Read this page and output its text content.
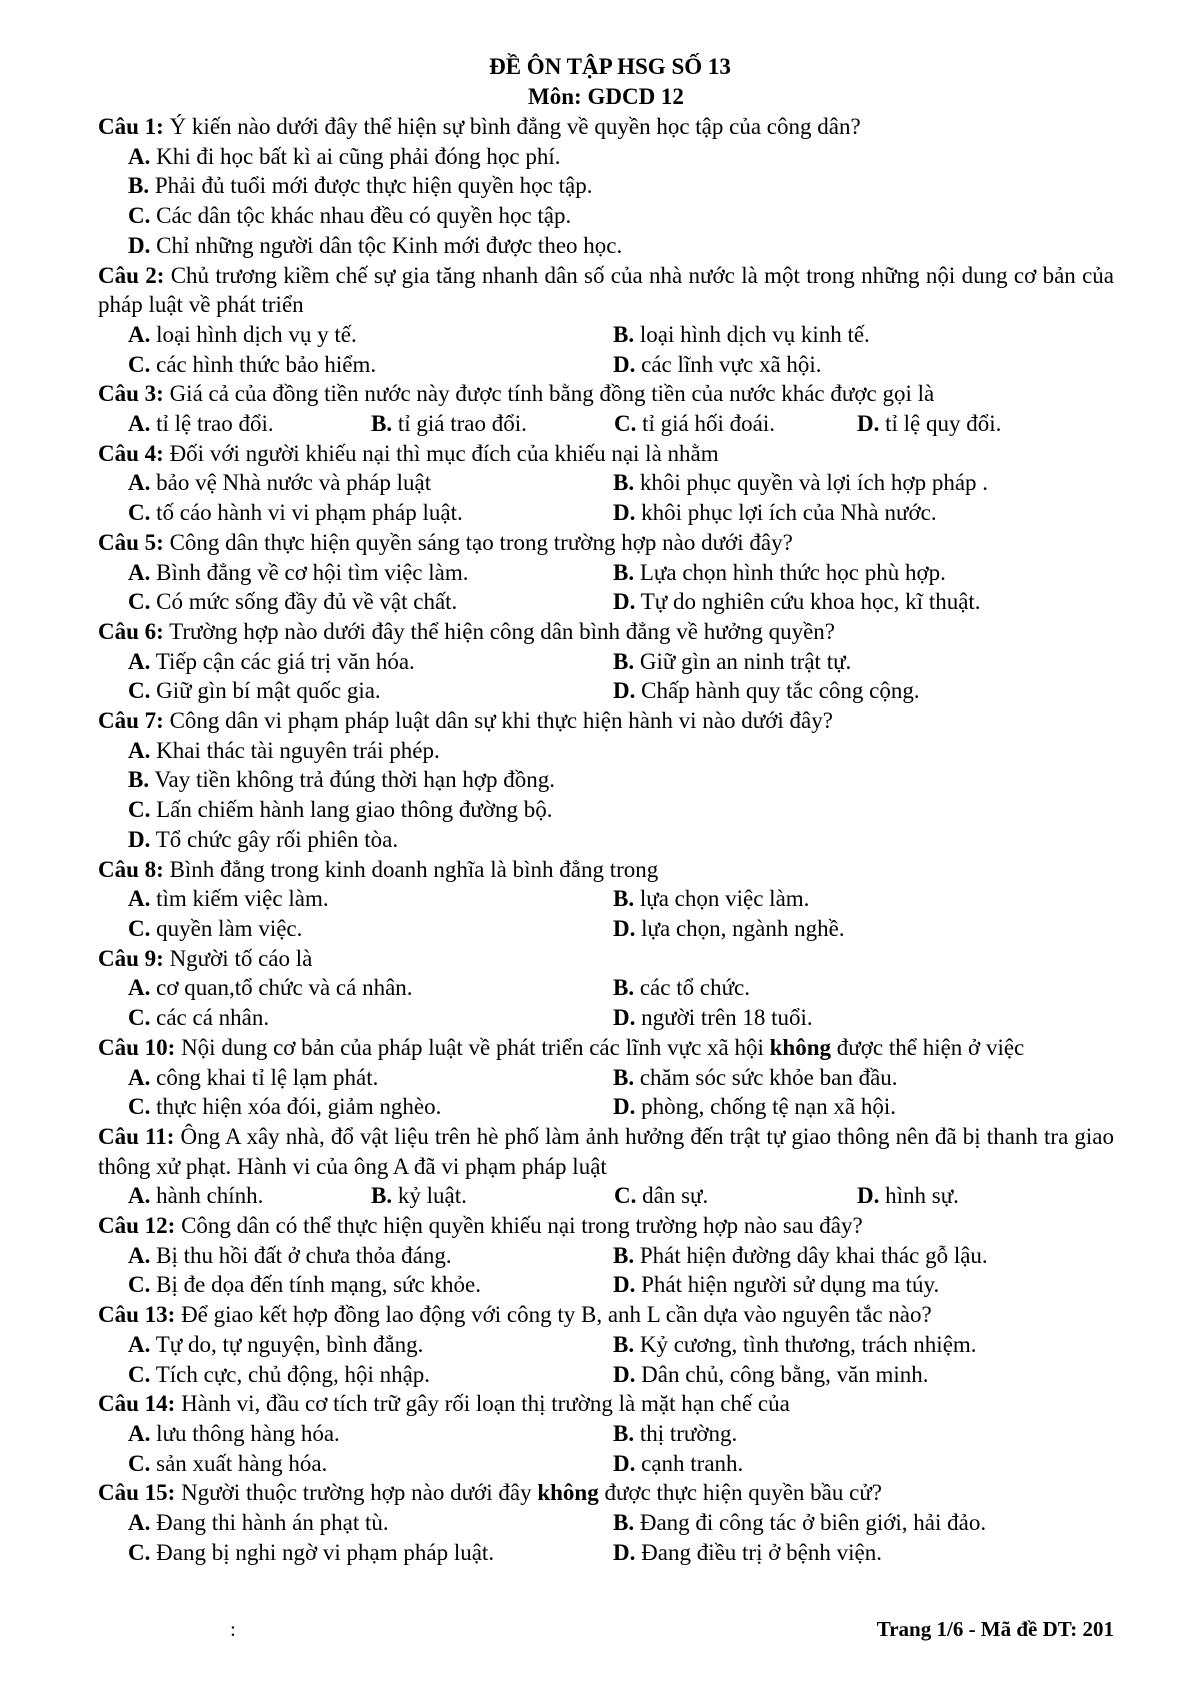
ĐỀ ÔN TẬP HSG SỐ 13
Môn: GDCD 12
Câu 1: Ý kiến nào dưới đây thể hiện sự bình đẳng về quyền học tập của công dân?
A. Khi đi học bất kì ai cũng phải đóng học phí.
B. Phải đủ tuổi mới được thực hiện quyền học tập.
C. Các dân tộc khác nhau đều có quyền học tập.
D. Chỉ những người dân tộc Kinh mới được theo học.
Câu 2: Chủ trương kiềm chế sự gia tăng nhanh dân số của nhà nước là một trong những nội dung cơ bản của pháp luật về phát triển
A. loại hình dịch vụ y tế.	B. loại hình dịch vụ kinh tế.
C. các hình thức bảo hiểm.	D. các lĩnh vực xã hội.
Câu 3: Giá cả của đồng tiền nước này được tính bằng đồng tiền của nước khác được gọi là
A. tỉ lệ trao đổi.	B. tỉ giá trao đổi.	C. tỉ giá hối đoái.	D. tỉ lệ quy đổi.
Câu 4: Đối với người khiếu nại thì mục đích của khiếu nại là nhằm
A. bảo vệ Nhà nước và pháp luật	B. khôi phục quyền và lợi ích hợp pháp .
C. tố cáo hành vi vi phạm pháp luật.	D. khôi phục lợi ích của Nhà nước.
Câu 5: Công dân thực hiện quyền sáng tạo trong trường hợp nào dưới đây?
A. Bình đẳng về cơ hội tìm việc làm.	B. Lựa chọn hình thức học phù hợp.
C. Có mức sống đầy đủ về vật chất.	D. Tự do nghiên cứu khoa học, kĩ thuật.
Câu 6: Trường hợp nào dưới đây thể hiện công dân bình đẳng về hưởng quyền?
A. Tiếp cận các giá trị văn hóa.	B. Giữ gìn an ninh trật tự.
C. Giữ gìn bí mật quốc gia.	D. Chấp hành quy tắc công cộng.
Câu 7: Công dân vi phạm pháp luật dân sự khi thực hiện hành vi nào dưới đây?
A. Khai thác tài nguyên trái phép.
B. Vay tiền không trả đúng thời hạn hợp đồng.
C. Lấn chiếm hành lang giao thông đường bộ.
D. Tổ chức gây rối phiên tòa.
Câu 8: Bình đẳng trong kinh doanh nghĩa là bình đẳng trong
A. tìm kiếm việc làm.	B. lựa chọn việc làm.
C. quyền làm việc.	D. lựa chọn, ngành nghề.
Câu 9: Người tố cáo là
A. cơ quan,tổ chức và cá nhân.	B. các tổ chức.
C. các cá nhân.	D. người trên 18 tuổi.
Câu 10: Nội dung cơ bản của pháp luật về phát triển các lĩnh vực xã hội không được thể hiện ở việc
A. công khai tỉ lệ lạm phát.	B. chăm sóc sức khỏe ban đầu.
C. thực hiện xóa đói, giảm nghèo.	D. phòng, chống tệ nạn xã hội.
Câu 11: Ông A xây nhà, đổ vật liệu trên hè phố làm ảnh hưởng đến trật tự giao thông nên đã bị thanh tra giao thông xử phạt. Hành vi của ông A đã vi phạm pháp luật
A. hành chính.	B. kỷ luật.	C. dân sự.	D. hình sự.
Câu 12: Công dân có thể thực hiện quyền khiếu nại trong trường hợp nào sau đây?
A. Bị thu hồi đất ở chưa thỏa đáng.	B. Phát hiện đường dây khai thác gỗ lậu.
C. Bị đe dọa đến tính mạng, sức khỏe.	D. Phát hiện người sử dụng ma túy.
Câu 13: Để giao kết hợp đồng lao động với công ty B, anh L cần dựa vào nguyên tắc nào?
A. Tự do, tự nguyện, bình đẳng.	B. Kỷ cương, tình thương, trách nhiệm.
C. Tích cực, chủ động, hội nhập.	D. Dân chủ, công bằng, văn minh.
Câu 14: Hành vi, đầu cơ tích trữ gây rối loạn thị trường là mặt hạn chế của
A. lưu thông hàng hóa.	B. thị trường.
C. sản xuất hàng hóa.	D. cạnh tranh.
Câu 15: Người thuộc trường hợp nào dưới đây không được thực hiện quyền bầu cử?
A. Đang thi hành án phạt tù.	B. Đang đi công tác ở biên giới, hải đảo.
C. Đang bị nghi ngờ vi phạm pháp luật.	D. Đang điều trị ở bệnh viện.
:	Trang 1/6 - Mã đề DT: 201
